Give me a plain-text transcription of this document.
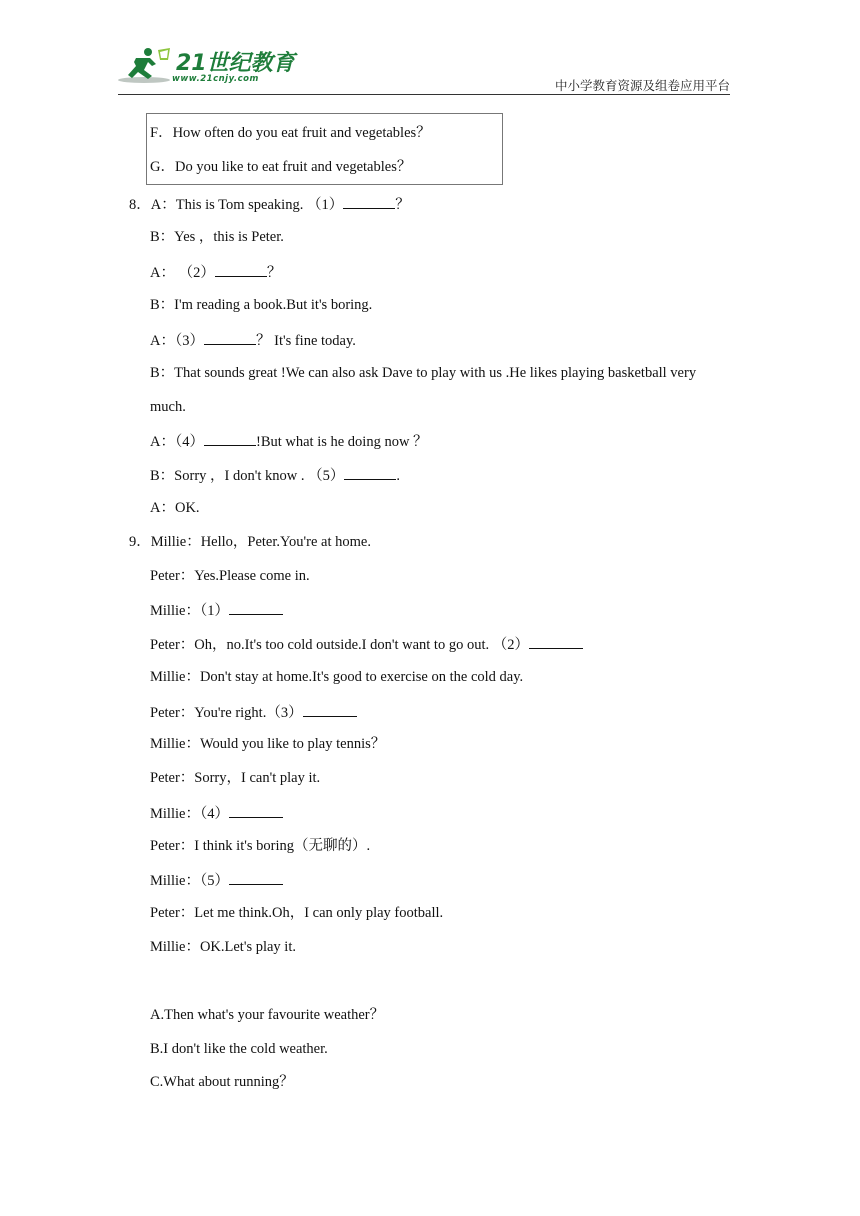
21世纪教育
www.21cnjy.com	中小学教育资源及组卷应用平台
F．How often do you eat fruit and vegetables？
G．Do you like to eat fruit and vegetables？
8．A：This is Tom speaking. （1）	？
B：Yes ，this is Peter.
A： （2）	？
B：I'm reading a book.But it's boring.
A：（3）	？ It's fine today.
B：That sounds great !We can also ask Dave to play with us .He likes playing basketball very
much.
A：（4）	!But what is he doing now ？
B：Sorry ，I don't know . （5）	.
A：OK.
9．Millie：Hello，Peter.You're at home.
Peter：Yes.Please come in.
Millie：（1）
Peter：Oh，no.It's too cold outside.I don't want to go out. （2）
Millie：Don't stay at home.It's good to exercise on the cold day.
Peter：You're right.（3）
Millie：Would you like to play tennis？
Peter：Sorry，I can't play it.
Millie：（4）
Peter：I think it's boring（无聊的）.
Millie：（5）
Peter：Let me think.Oh，I can only play football.
Millie：OK.Let's play it.
A.Then what's your favourite weather？
B.I don't like the cold weather.
C.What about running？
